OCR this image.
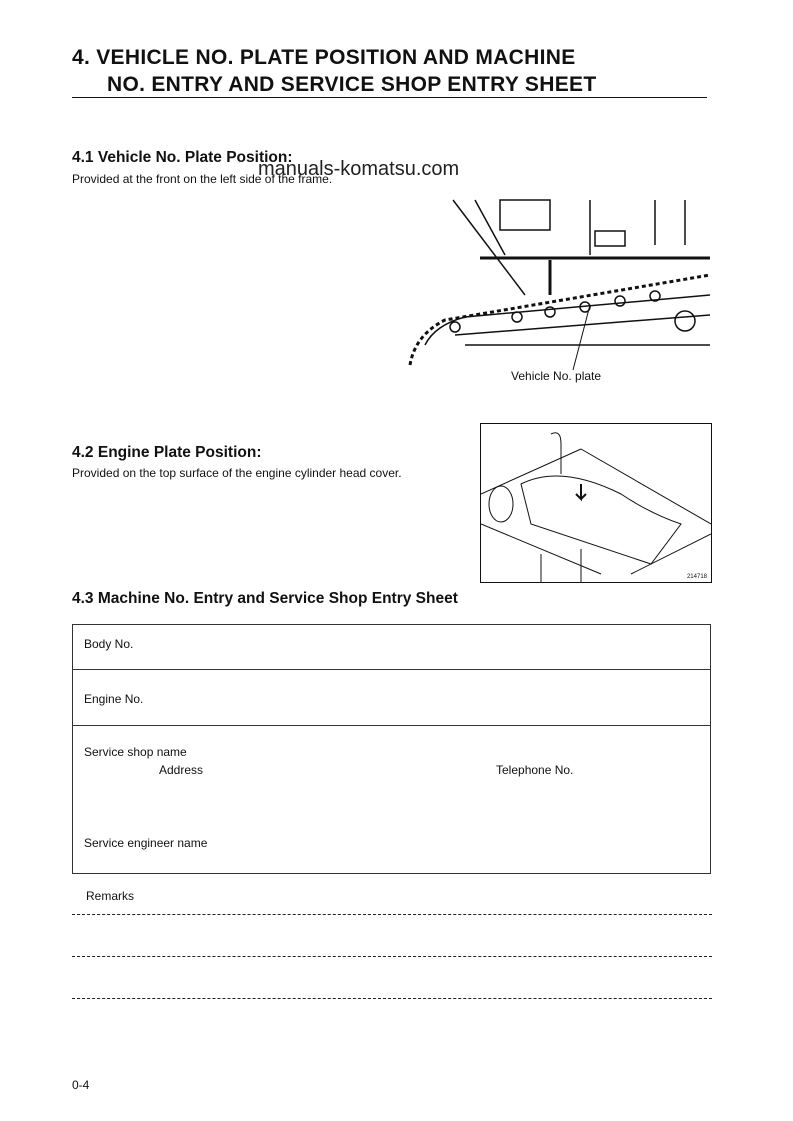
4. VEHICLE NO. PLATE POSITION AND MACHINE
NO. ENTRY AND SERVICE SHOP ENTRY SHEET
4.1 Vehicle No. Plate Position:
manuals-komatsu.com
Provided at the front on the left side of the frame.
Vehicle No. plate
4.2 Engine Plate Position:
Provided on the top surface of the engine cylinder head cover.
214718
4.3 Machine No. Entry and Service Shop Entry Sheet
Body No.
Engine No.
Service shop name
Address	Telephone No.
Service engineer name
Remarks
0-4
